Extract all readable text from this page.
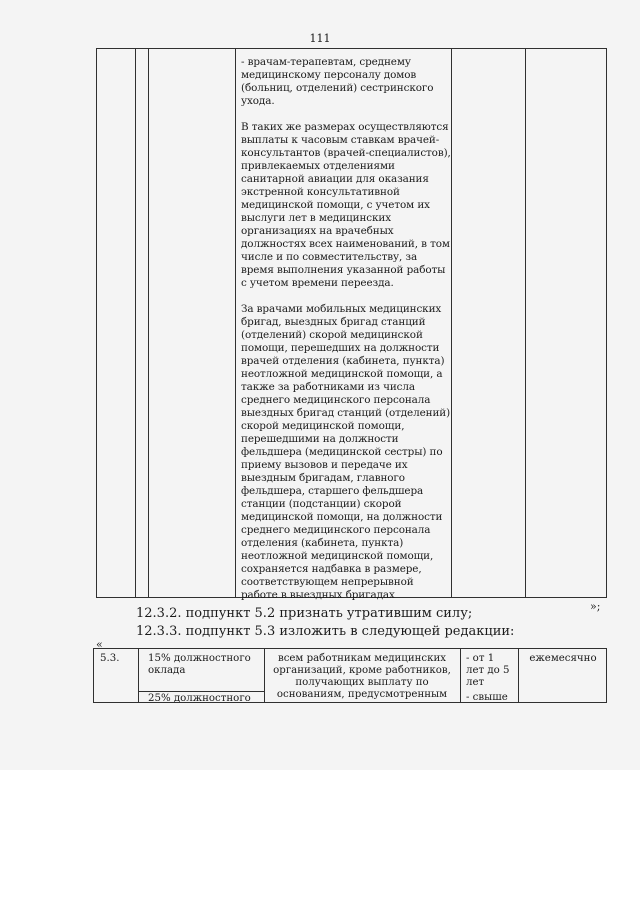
111

- врачам-терапевтам, среднему медицинскому персоналу домов (больниц, отделений) сестринского ухода.

В таких же размерах осуществляются выплаты к часовым ставкам врачей-консультантов (врачей-специалистов), привлекаемых отделениями санитарной авиации для оказания экстренной консультативной медицинской помощи, с учетом их выслуги лет в медицинских организациях на врачебных должностях всех наименований, в том числе и по совместительству, за время выполнения указанной работы с учетом времени переезда.

За врачами мобильных медицинских бригад, выездных бригад станций (отделений) скорой медицинской помощи, перешедших на должности врачей отделения (кабинета, пункта) неотложной медицинской помощи, а также за работниками из числа среднего медицинского персонала выездных бригад станций (отделений) скорой медицинской помощи, перешедшими на должности фельдшера (медицинской сестры) по приему вызовов и передаче их выездным бригадам, главного фельдшера, старшего фельдшера станции (подстанции) скорой медицинской помощи, на должности среднего медицинского персонала отделения (кабинета, пункта) неотложной медицинской помощи, сохраняется надбавка в размере, соответствующем непрерывной работе в выездных бригадах

»;
12.3.2. подпункт 5.2 признать утратившим силу;
12.3.3. подпункт 5.3 изложить в следующей редакции:
«
5.3.	15% должностного оклада
25% должностного
всем работникам медицинских организаций, кроме работников, получающих выплату по основаниям, предусмотренным
- от 1 лет до 5 лет
- свыше
ежемесячно
